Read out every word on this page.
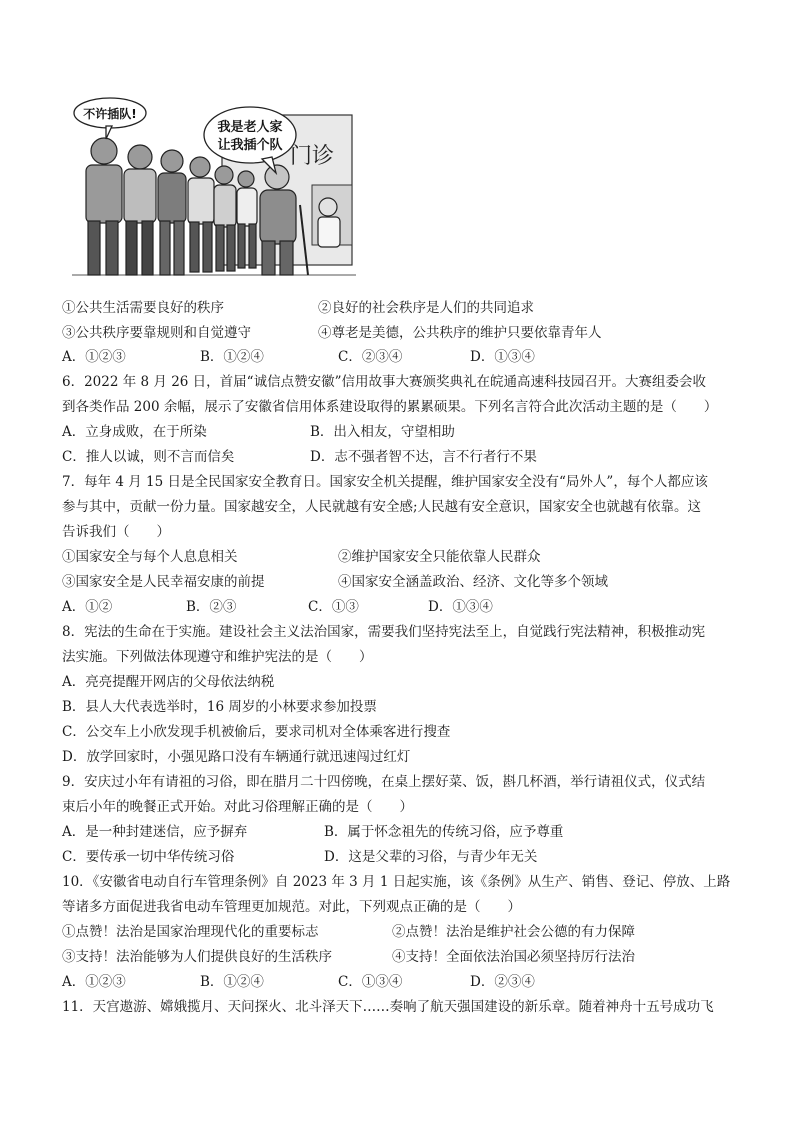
门诊
不许插队!
我是老人家
让我插个队
①公共生活需要良好的秩序	②良好的社会秩序是人们的共同追求
③公共秩序要靠规则和自觉遵守	④尊老是美德，公共秩序的维护只要依靠青年人
A．①②③	B．①②④	C．②③④	D．①③④
6．2022 年 8 月 26 日，首届“诚信点赞安徽”信用故事大赛颁奖典礼在皖通高速科技园召开。大赛组委会收
到各类作品 200 余幅，展示了安徽省信用体系建设取得的累累硕果。下列名言符合此次活动主题的是（　　）
A．立身成败，在于所染	B．出入相友，守望相助
C．推人以诚，则不言而信矣	D．志不强者智不达，言不行者行不果
7．每年 4 月 15 日是全民国家安全教育日。国家安全机关提醒，维护国家安全没有“局外人”，每个人都应该
参与其中，贡献一份力量。国家越安全，人民就越有安全感;人民越有安全意识，国家安全也就越有依靠。这
告诉我们（　　）
①国家安全与每个人息息相关	②维护国家安全只能依靠人民群众
③国家安全是人民幸福安康的前提	④国家安全涵盖政治、经济、文化等多个领域
A．①②	B．②③	C．①③	D．①③④
8．宪法的生命在于实施。建设社会主义法治国家，需要我们坚持宪法至上，自觉践行宪法精神，积极推动宪
法实施。下列做法体现遵守和维护宪法的是（　　）
A．亮亮提醒开网店的父母依法纳税
B．县人大代表选举时，16 周岁的小林要求参加投票
C．公交车上小欣发现手机被偷后，要求司机对全体乘客进行搜查
D．放学回家时，小强见路口没有车辆通行就迅速闯过红灯
9．安庆过小年有请祖的习俗，即在腊月二十四傍晚，在桌上摆好菜、饭，斟几杯酒，举行请祖仪式，仪式结
束后小年的晚餐正式开始。对此习俗理解正确的是（　　）
A．是一种封建迷信，应予摒弃	B．属于怀念祖先的传统习俗，应予尊重
C．要传承一切中华传统习俗	D．这是父辈的习俗，与青少年无关
10．《安徽省电动自行车管理条例》自 2023 年 3 月 1 日起实施，该《条例》从生产、销售、登记、停放、上路
等诸多方面促进我省电动车管理更加规范。对此，下列观点正确的是（　　）
①点赞！法治是国家治理现代化的重要标志	②点赞！法治是维护社会公德的有力保障
③支持！法治能够为人们提供良好的生活秩序	④支持！全面依法治国必须坚持厉行法治
A．①②③	B．①②④	C．①③④	D．②③④
11．天宫遨游、嫦娥揽月、天问探火、北斗泽天下……奏响了航天强国建设的新乐章。随着神舟十五号成功飞
